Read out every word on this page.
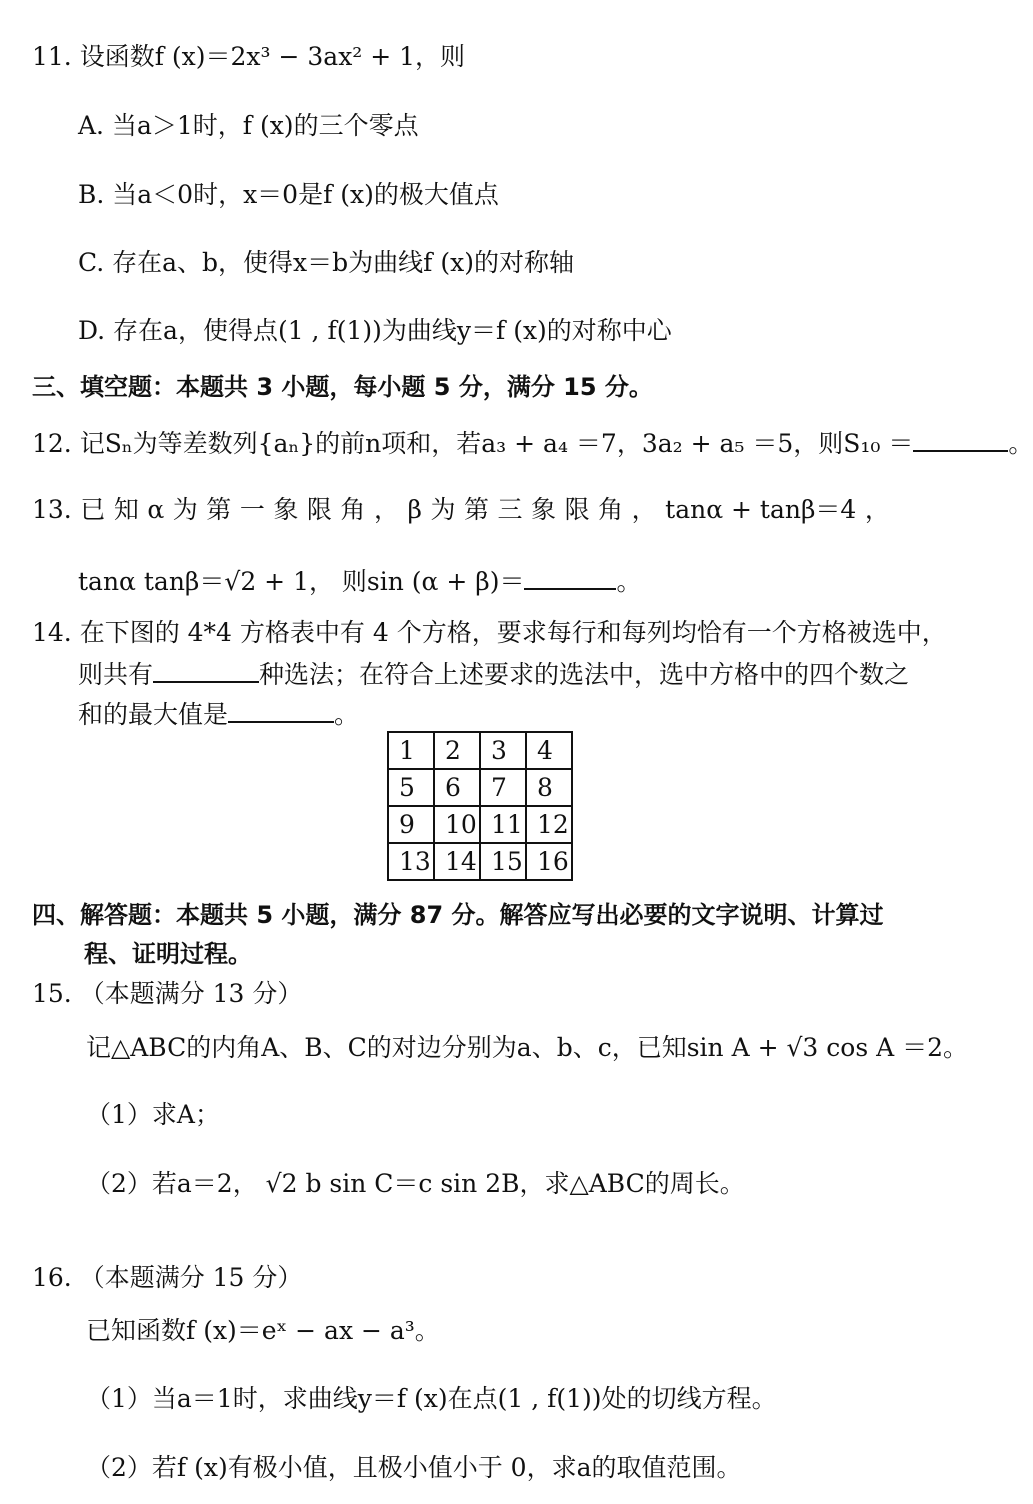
11. 设函数f (x)＝2x³ − 3ax² + 1，则
A. 当a＞1时，f (x)的三个零点
B. 当a＜0时，x＝0是f (x)的极大值点
C. 存在a、b，使得x＝b为曲线f (x)的对称轴
D. 存在a，使得点(1 , f(1))为曲线y＝f (x)的对称中心
三、填空题：本题共 3 小题，每小题 5 分，满分 15 分。
12. 记Sₙ为等差数列{aₙ}的前n项和，若a₃ + a₄ ＝7，3a₂ + a₅ ＝5，则S₁₀ ＝	。
13. 已 知 α 为 第 一 象 限 角 ， β 为 第 三 象 限 角 ， tanα + tanβ＝4 ，
tanα tanβ＝√2 + 1， 则sin (α + β)＝	。
14. 在下图的 4*4 方格表中有 4 个方格，要求每行和每列均恰有一个方格被选中，
则共有	种选法；在符合上述要求的选法中，选中方格中的四个数之
和的最大值是	。
1	2	3	4
5	6	7	8
9	10	11	12
13	14	15	16
四、解答题：本题共 5 小题，满分 87 分。解答应写出必要的文字说明、计算过
程、证明过程。
15. （本题满分 13 分）
记△ABC的内角A、B、C的对边分别为a、b、c，已知sin A + √3 cos A ＝2。
（1）求A；
（2）若a＝2， √2 b sin C＝c sin 2B，求△ABC的周长。
16. （本题满分 15 分）
已知函数f (x)＝eˣ − ax − a³。
（1）当a＝1时，求曲线y＝f (x)在点(1 , f(1))处的切线方程。
（2）若f (x)有极小值，且极小值小于 0，求a的取值范围。
